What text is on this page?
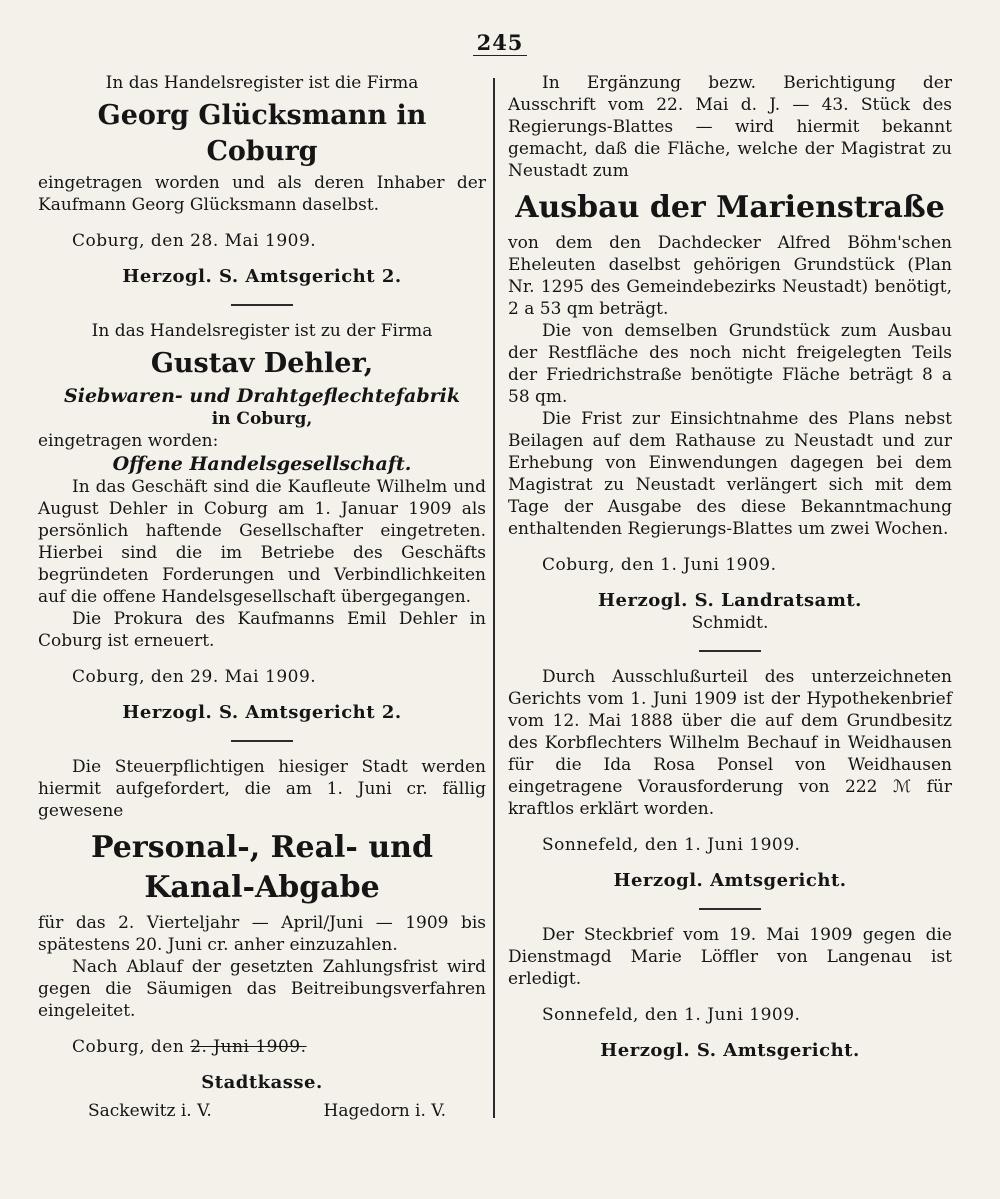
245

In das Handelsregister ist die Firma

Georg Glücksmann in Coburg

eingetragen worden und als deren Inhaber der Kaufmann Georg Glücksmann daselbst.

Coburg, den 28. Mai 1909.

Herzogl. S. Amtsgericht 2.

In das Handelsregister ist zu der Firma

Gustav Dehler,
Siebwaren- und Drahtgeflechtefabrik

in Coburg,

eingetragen worden:

Offene Handelsgesellschaft.

In das Geschäft sind die Kaufleute Wilhelm und August Dehler in Coburg am 1. Januar 1909 als persönlich haftende Gesellschafter eingetreten. Hierbei sind die im Betriebe des Geschäfts begründeten Forderungen und Verbindlichkeiten auf die offene Handelsgesellschaft übergegangen.

Die Prokura des Kaufmanns Emil Dehler in Coburg ist erneuert.

Coburg, den 29. Mai 1909.

Herzogl. S. Amtsgericht 2.

Die Steuerpflichtigen hiesiger Stadt werden hiermit aufgefordert, die am 1. Juni cr. fällig gewesene

Personal-, Real- und Kanal-Abgabe

für das 2. Vierteljahr — April/Juni — 1909 bis spätestens 20. Juni cr. anher einzuzahlen.

Nach Ablauf der gesetzten Zahlungsfrist wird gegen die Säumigen das Beitreibungsverfahren eingeleitet.

Coburg, den 2. Juni 1909.

Stadtkasse.
Sackewitz i. V.	Hagedorn i. V.

In Ergänzung bezw. Berichtigung der Ausschrift vom 22. Mai d. J. — 43. Stück des Regierungs-Blattes — wird hiermit bekannt gemacht, daß die Fläche, welche der Magistrat zu Neustadt zum

Ausbau der Marienstraße

von dem den Dachdecker Alfred Böhm'schen Eheleuten daselbst gehörigen Grundstück (Plan Nr. 1295 des Gemeindebezirks Neustadt) benötigt, 2 a 53 qm beträgt.

Die von demselben Grundstück zum Ausbau der Restfläche des noch nicht freigelegten Teils der Friedrichstraße benötigte Fläche beträgt 8 a 58 qm.

Die Frist zur Einsichtnahme des Plans nebst Beilagen auf dem Rathause zu Neustadt und zur Erhebung von Einwendungen dagegen bei dem Magistrat zu Neustadt verlängert sich mit dem Tage der Ausgabe des diese Bekanntmachung enthaltenden Regierungs-Blattes um zwei Wochen.

Coburg, den 1. Juni 1909.

Herzogl. S. Landratsamt.

Schmidt.

Durch Ausschlußurteil des unterzeichneten Gerichts vom 1. Juni 1909 ist der Hypothekenbrief vom 12. Mai 1888 über die auf dem Grundbesitz des Korbflechters Wilhelm Bechauf in Weidhausen für die Ida Rosa Ponsel von Weidhausen eingetragene Vorausforderung von 222 ℳ für kraftlos erklärt worden.

Sonnefeld, den 1. Juni 1909.

Herzogl. Amtsgericht.

Der Steckbrief vom 19. Mai 1909 gegen die Dienstmagd Marie Löffler von Langenau ist erledigt.

Sonnefeld, den 1. Juni 1909.

Herzogl. S. Amtsgericht.
